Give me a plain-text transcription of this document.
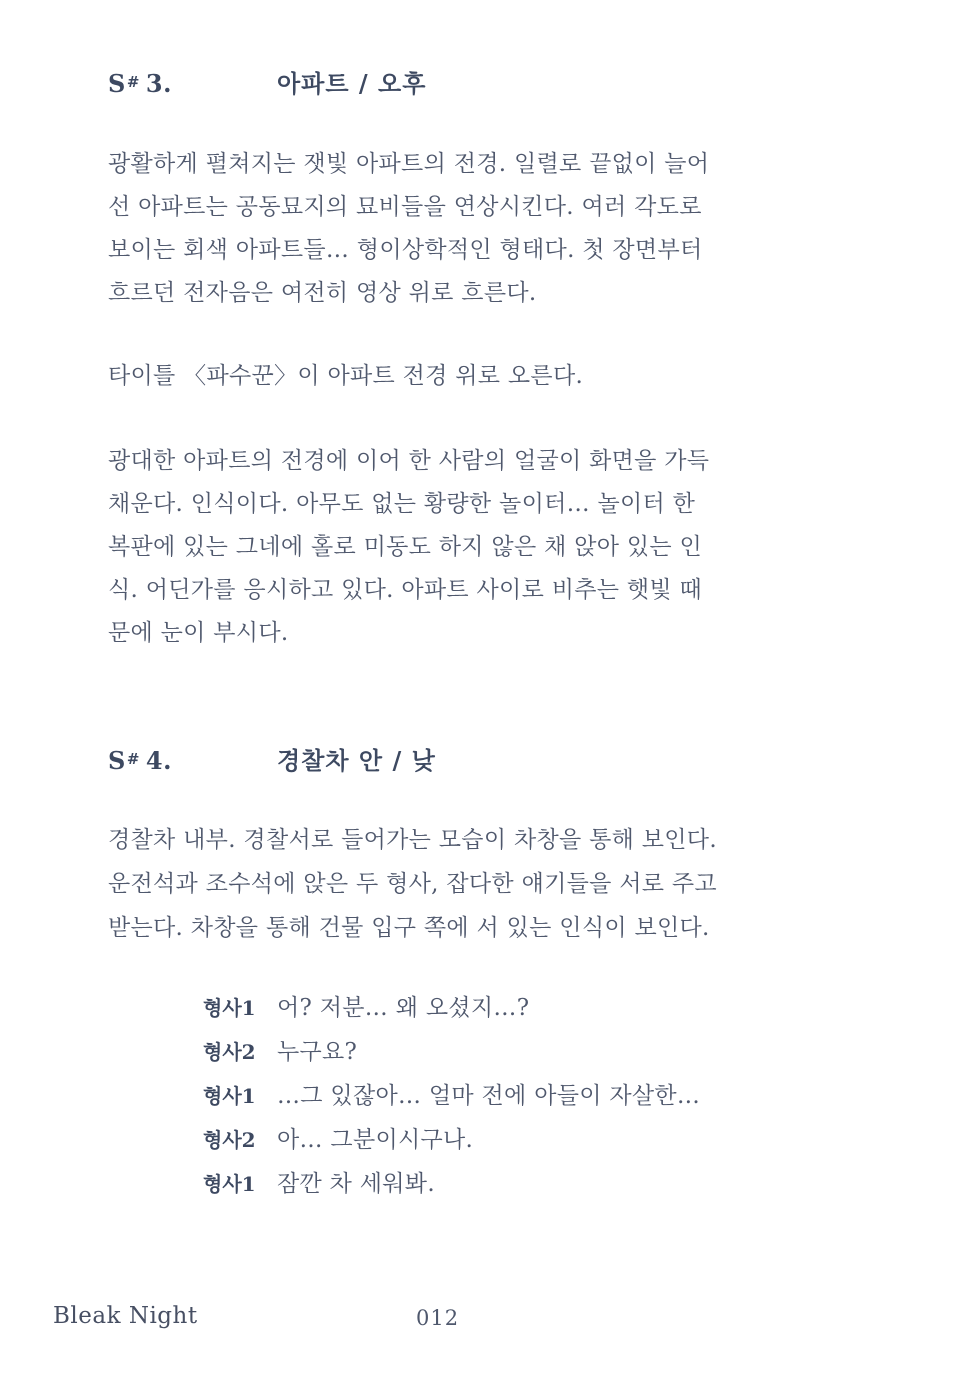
S# 3.	아파트 / 오후
광활하게 펼쳐지는 잿빛 아파트의 전경. 일렬로 끝없이 늘어
선 아파트는 공동묘지의 묘비들을 연상시킨다. 여러 각도로
보이는 회색 아파트들… 형이상학적인 형태다. 첫 장면부터
흐르던 전자음은 여전히 영상 위로 흐른다.
타이틀 〈파수꾼〉이 아파트 전경 위로 오른다.
광대한 아파트의 전경에 이어 한 사람의 얼굴이 화면을 가득
채운다. 인식이다. 아무도 없는 황량한 놀이터… 놀이터 한
복판에 있는 그네에 홀로 미동도 하지 않은 채 앉아 있는 인
식. 어딘가를 응시하고 있다. 아파트 사이로 비추는 햇빛 때
문에 눈이 부시다.
S# 4.	경찰차 안 / 낮
경찰차 내부. 경찰서로 들어가는 모습이 차창을 통해 보인다.
운전석과 조수석에 앉은 두 형사, 잡다한 얘기들을 서로 주고
받는다. 차창을 통해 건물 입구 쪽에 서 있는 인식이 보인다.
형사1 어? 저분… 왜 오셨지…?
형사2 누구요?
형사1 …그 있잖아… 얼마 전에 아들이 자살한…
형사2 아… 그분이시구나.
형사1 잠깐 차 세워봐.
Bleak Night	012
